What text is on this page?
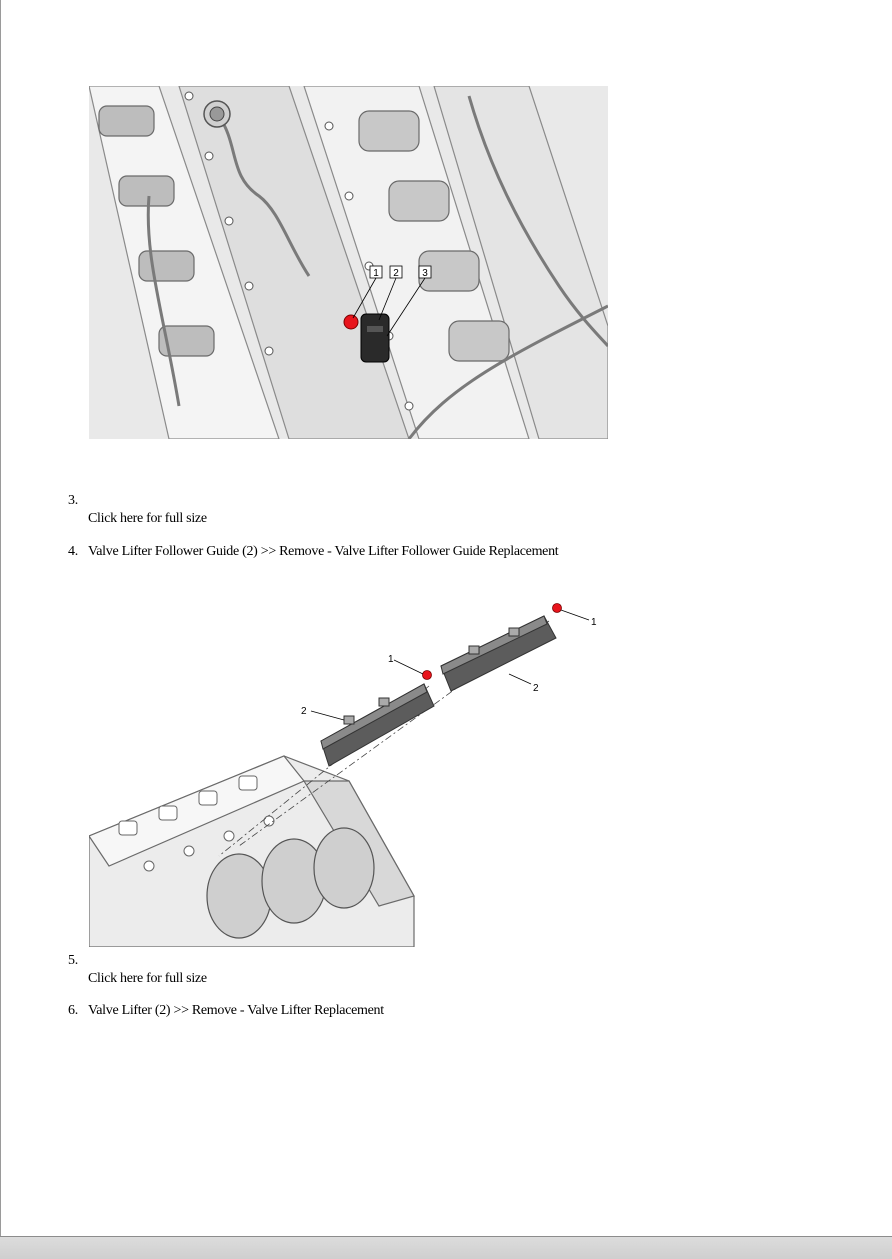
1 2 3
3.
Click here for full size
4. Valve Lifter Follower Guide (2) >> Remove - Valve Lifter Follower Guide Replacement
1
2
1
2
5.
Click here for full size
6. Valve Lifter (2) >> Remove - Valve Lifter Replacement
